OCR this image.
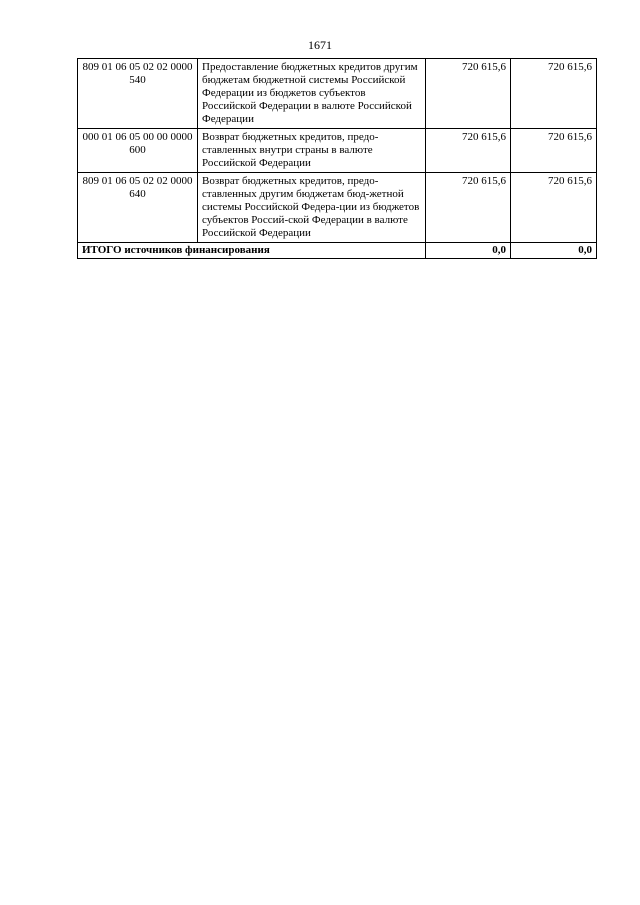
1671
809 01 06 05 02 02 0000 540	Предоставление бюджетных кредитов другим бюджетам бюджетной системы Российской Федерации из бюджетов субъектов Российской Федерации в валюте Российской Федерации	720 615,6	720 615,6
000 01 06 05 00 00 0000 600	Возврат бюджетных кредитов, предо-ставленных внутри страны в валюте Российской Федерации	720 615,6	720 615,6
809 01 06 05 02 02 0000 640	Возврат бюджетных кредитов, предо-ставленных другим бюджетам бюд-жетной системы Российской Федера-ции из бюджетов субъектов Россий-ской Федерации в валюте Российской Федерации	720 615,6	720 615,6
ИТОГО источников финансирования		0,0	0,0
